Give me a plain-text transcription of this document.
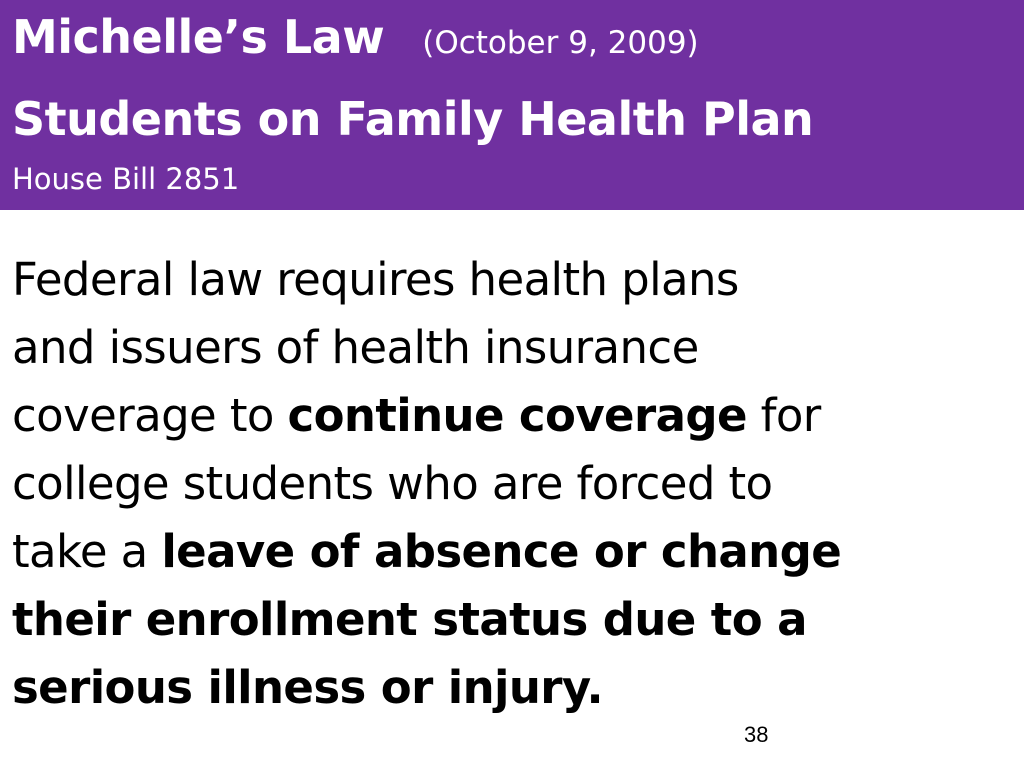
Michelle’s Law (October 9, 2009)
Students on Family Health Plan
House Bill 2851
Federal law requires health plans
and issuers of health insurance
coverage to continue coverage for
college students who are forced to
take a leave of absence or change
their enrollment status due to a
serious illness or injury.
38
